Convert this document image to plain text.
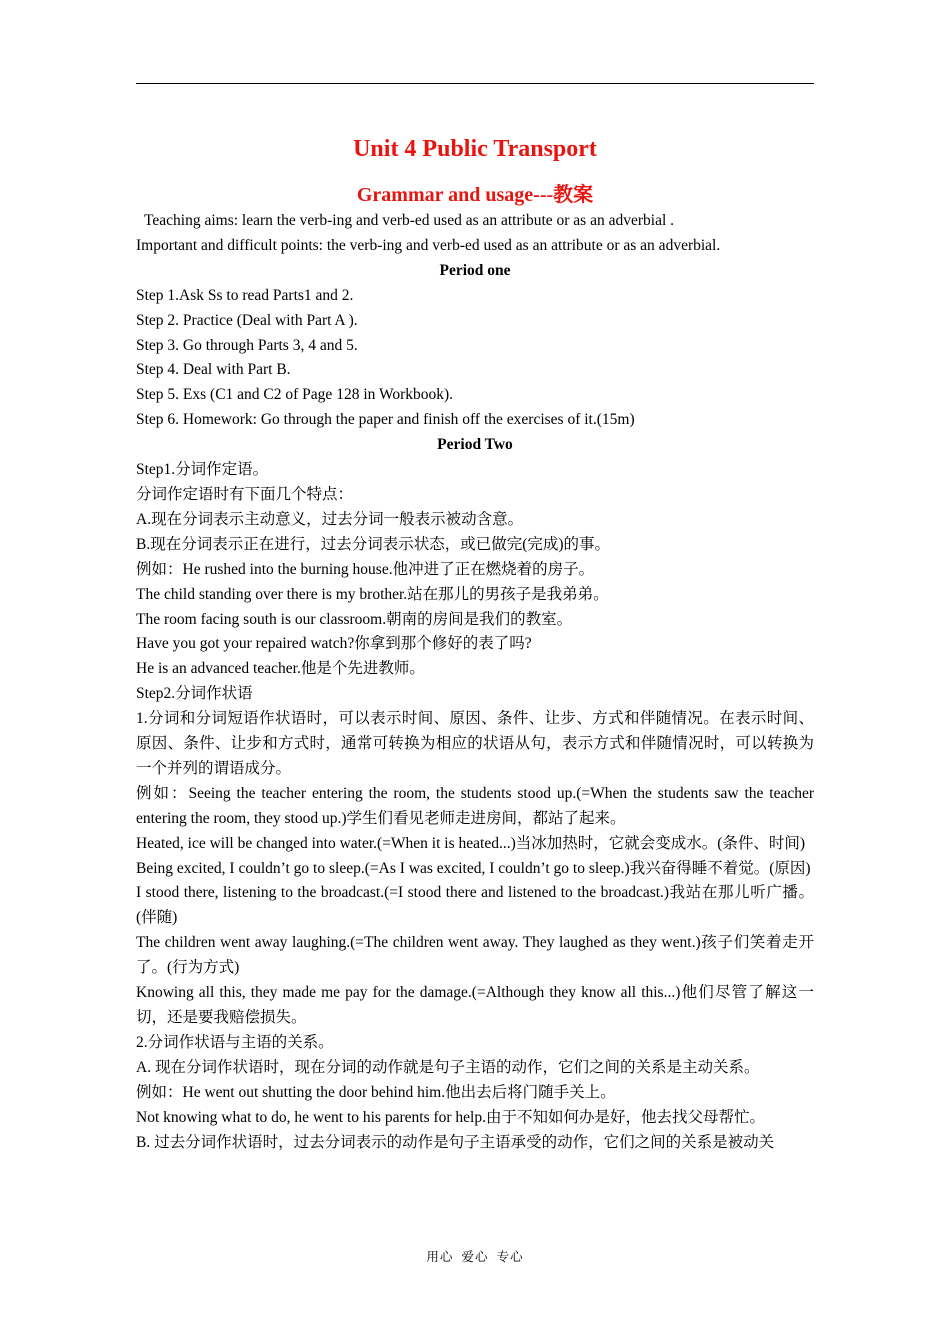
Unit 4 Public Transport
Grammar and usage---教案

Teaching aims: learn the verb-ing and verb-ed used as an attribute or as an adverbial .

Important and difficult points: the verb-ing and verb-ed used as an attribute or as an adverbial.

Period one

Step 1.Ask Ss to read Parts1 and 2.

Step 2. Practice (Deal with Part A ).

Step 3. Go through Parts 3, 4 and 5.

Step 4. Deal with Part B.

Step 5. Exs (C1 and C2 of Page 128 in Workbook).

Step 6. Homework: Go through the paper and finish off the exercises of it.(15m)

Period Two

Step1.分词作定语。

分词作定语时有下面几个特点：

A.现在分词表示主动意义，过去分词一般表示被动含意。

B.现在分词表示正在进行，过去分词表示状态，或已做完(完成)的事。

例如：He rushed into the burning house.他冲进了正在燃烧着的房子。

The child standing over there is my brother.站在那儿的男孩子是我弟弟。

The room facing south is our classroom.朝南的房间是我们的教室。

Have you got your repaired watch?你拿到那个修好的表了吗?

He is an advanced teacher.他是个先进教师。

Step2.分词作状语

1.分词和分词短语作状语时，可以表示时间、原因、条件、让步、方式和伴随情况。在表示时间、原因、条件、让步和方式时，通常可转换为相应的状语从句，表示方式和伴随情况时，可以转换为一个并列的谓语成分。

例如：Seeing the teacher entering the room, the students stood up.(=When the students saw the teacher entering the room, they stood up.)学生们看见老师走进房间，都站了起来。

Heated, ice will be changed into water.(=When it is heated...)当冰加热时，它就会变成水。(条件、时间)

Being excited, I couldn’t go to sleep.(=As I was excited, I couldn’t go to sleep.)我兴奋得睡不着觉。(原因)

I stood there, listening to the broadcast.(=I stood there and listened to the broadcast.)我站在那儿听广播。(伴随)

The children went away laughing.(=The children went away. They laughed as they went.)孩子们笑着走开了。(行为方式)

Knowing all this, they made me pay for the damage.(=Although they know all this...)他们尽管了解这一切，还是要我赔偿损失。

2.分词作状语与主语的关系。

A. 现在分词作状语时，现在分词的动作就是句子主语的动作，它们之间的关系是主动关系。

例如：He went out shutting the door behind him.他出去后将门随手关上。

Not knowing what to do, he went to his parents for help.由于不知如何办是好，他去找父母帮忙。

B. 过去分词作状语时，过去分词表示的动作是句子主语承受的动作，它们之间的关系是被动关

用心 爱心 专心
